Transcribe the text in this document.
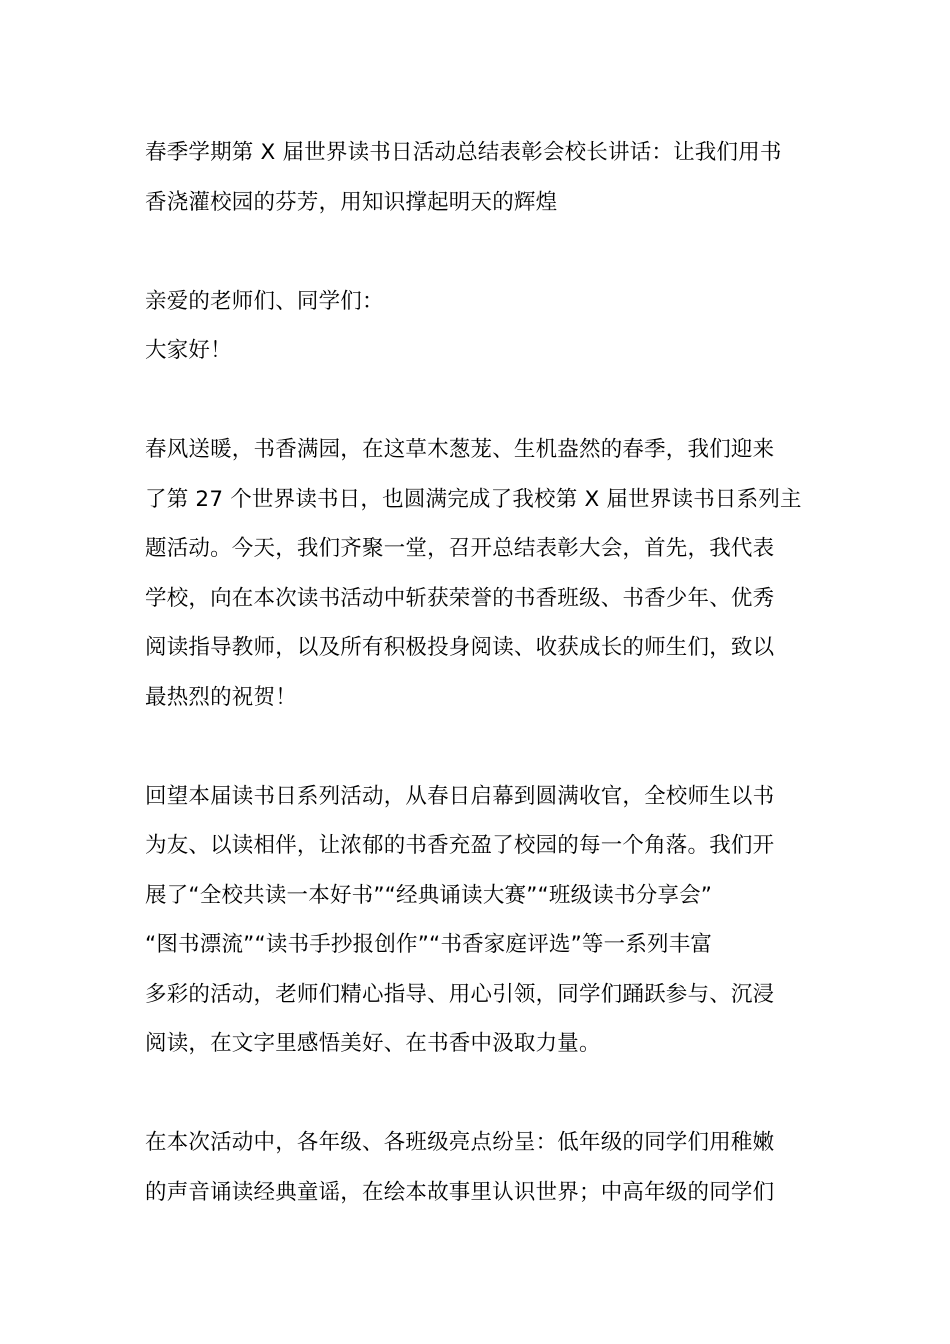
春季学期第 X 届世界读书日活动总结表彰会校长讲话：让我们用书
香浇灌校园的芬芳，用知识撑起明天的辉煌
亲爱的老师们、同学们：
大家好！
春风送暖，书香满园，在这草木葱茏、生机盎然的春季，我们迎来
了第 27 个世界读书日，也圆满完成了我校第 X 届世界读书日系列主
题活动。今天，我们齐聚一堂，召开总结表彰大会，首先，我代表
学校，向在本次读书活动中斩获荣誉的书香班级、书香少年、优秀
阅读指导教师，以及所有积极投身阅读、收获成长的师生们，致以
最热烈的祝贺！
回望本届读书日系列活动，从春日启幕到圆满收官，全校师生以书
为友、以读相伴，让浓郁的书香充盈了校园的每一个角落。我们开
展了“全校共读一本好书”“经典诵读大赛”“班级读书分享会”
“图书漂流”“读书手抄报创作”“书香家庭评选”等一系列丰富
多彩的活动，老师们精心指导、用心引领，同学们踊跃参与、沉浸
阅读，在文字里感悟美好、在书香中汲取力量。
在本次活动中，各年级、各班级亮点纷呈：低年级的同学们用稚嫩
的声音诵读经典童谣，在绘本故事里认识世界；中高年级的同学们
